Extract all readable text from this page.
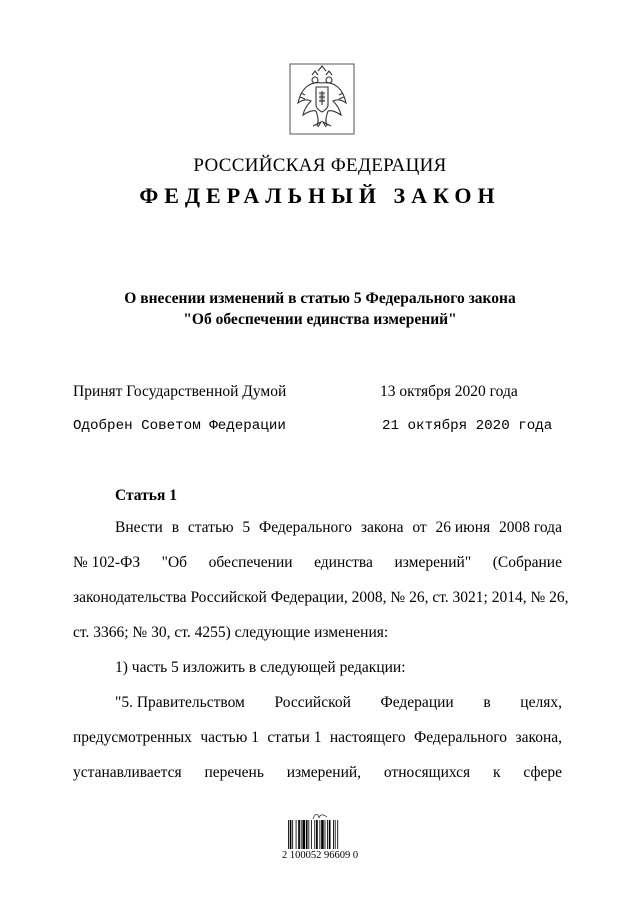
РОССИЙСКАЯ ФЕДЕРАЦИЯ
ФЕДЕРАЛЬНЫЙ ЗАКОН
О внесении изменений в статью 5 Федерального закона
"Об обеспечении единства измерений"
Принят Государственной Думой	13 октября 2020 года
Одобрен Советом Федерации	21 октября 2020 года
Статья 1
Внести в статью 5 Федерального закона от 26 июня 2008 года
№ 102-ФЗ "Об обеспечении единства измерений" (Собрание
законодательства Российской Федерации, 2008, № 26, ст. 3021; 2014, № 26,
ст. 3366; № 30, ст. 4255) следующие изменения:
1) часть 5 изложить в следующей редакции:
"5. Правительством Российской Федерации в целях,
предусмотренных частью 1 статьи 1 настоящего Федерального закона,
устанавливается перечень измерений, относящихся к сфере
2 100052 96609 0
